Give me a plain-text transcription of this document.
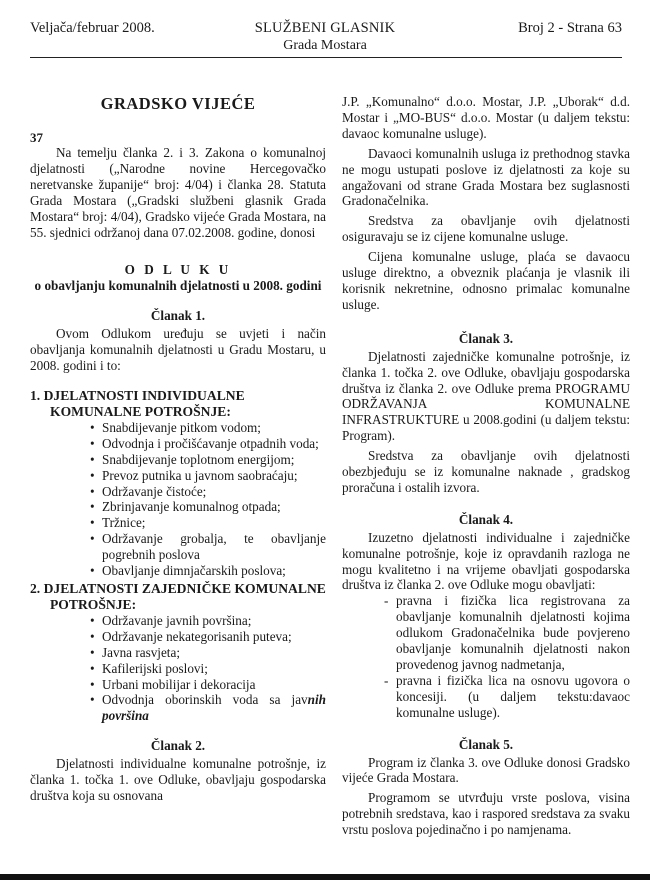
Veljača/februar 2008.	SLUŽBENI GLASNIK	Broj 2 - Strana 63
Grada Mostara
GRADSKO VIJEĆE
37

Na temelju članka 2. i 3. Zakona o komunalnoj djelatnosti („Narodne novine Hercegovačko neretvanske županije“ broj: 4/04) i članka 28. Statuta Grada Mostara („Gradski službeni glasnik Grada Mostara“ broj: 4/04), Gradsko vijeće Grada Mostara, na 55. sjednici održanoj dana 07.02.2008. godine, donosi

O D L U K U
o obavljanju komunalnih djelatnosti u 2008. godini
Članak 1.

Ovom Odlukom uređuju se uvjeti i način obavljanja komunalnih djelatnosti u Gradu Mostaru, u 2008. godini i to:

1. DJELATNOSTI INDIVIDUALNE KOMUNALNE POTROŠNJE:
• Snabdijevanje pitkom vodom;
• Odvodnja i pročišćavanje otpadnih voda;
• Snabdijevanje toplotnom energijom;
• Prevoz putnika u javnom saobraćaju;
• Održavanje čistoće;
• Zbrinjavanje komunalnog otpada;
• Tržnice;
• Održavanje grobalja, te obavljanje pogrebnih poslova
• Obavljanje dimnjačarskih poslova;
2. DJELATNOSTI ZAJEDNIČKE KOMUNALNE POTROŠNJE:
• Održavanje javnih površina;
• Održavanje nekategorisanih puteva;
• Javna rasvjeta;
• Kafilerijski poslovi;
• Urbani mobilijar i dekoracija
• Odvodnja oborinskih voda sa javnih površina
Članak 2.

Djelatnosti individualne komunalne potrošnje, iz članka 1. točka 1. ove Odluke, obavljaju gospodarska društva koja su osnovana

J.P. „Komunalno“ d.o.o. Mostar, J.P. „Uborak“ d.d. Mostar i „MO-BUS“ d.o.o. Mostar (u daljem tekstu: davaoc komunalne usluge).

Davaoci komunalnih usluga iz prethodnog stavka ne mogu ustupati poslove iz djelatnosti za koje su angažovani od strane Grada Mostara bez suglasnosti Gradonačelnika.

Sredstva za obavljanje ovih djelatnosti osiguravaju se iz cijene komunalne usluge.

Cijena komunalne usluge, plaća se davaocu usluge direktno, a obveznik plaćanja je vlasnik ili korisnik nekretnine, odnosno primalac komunalne usluge.

Članak 3.

Djelatnosti zajedničke komunalne potrošnje, iz članka 1. točka 2. ove Odluke, obavljaju gospodarska društva iz članka 2. ove Odluke prema PROGRAMU ODRŽAVANJA KOMUNALNE INFRASTRUKTURE u 2008.godini (u daljem tekstu: Program).

Sredstva za obavljanje ovih djelatnosti obezbjeđuju se iz komunalne naknade , gradskog proračuna i ostalih izvora.

Članak 4.

Izuzetno djelatnosti individualne i zajedničke komunalne potrošnje, koje iz opravdanih razloga ne mogu kvalitetno i na vrijeme obavljati gospodarska društva iz članka 2. ove Odluke mogu obavljati:

- pravna i fizička lica registrovana za obavljanje komunalnih djelatnosti kojima odlukom Gradonačelnika bude povjereno obavljanje komunalnih djelatnosti nakon provedenog javnog nadmetanja,
- pravna i fizička lica na osnovu ugovora o koncesiji. (u daljem tekstu:davaoc komunalne usluge).
Članak 5.

Program iz članka 3. ove Odluke donosi Gradsko vijeće Grada Mostara.

Programom se utvrđuju vrste poslova, visina potrebnih sredstava, kao i raspored sredstava za svaku vrstu poslova pojedinačno i po namjenama.
